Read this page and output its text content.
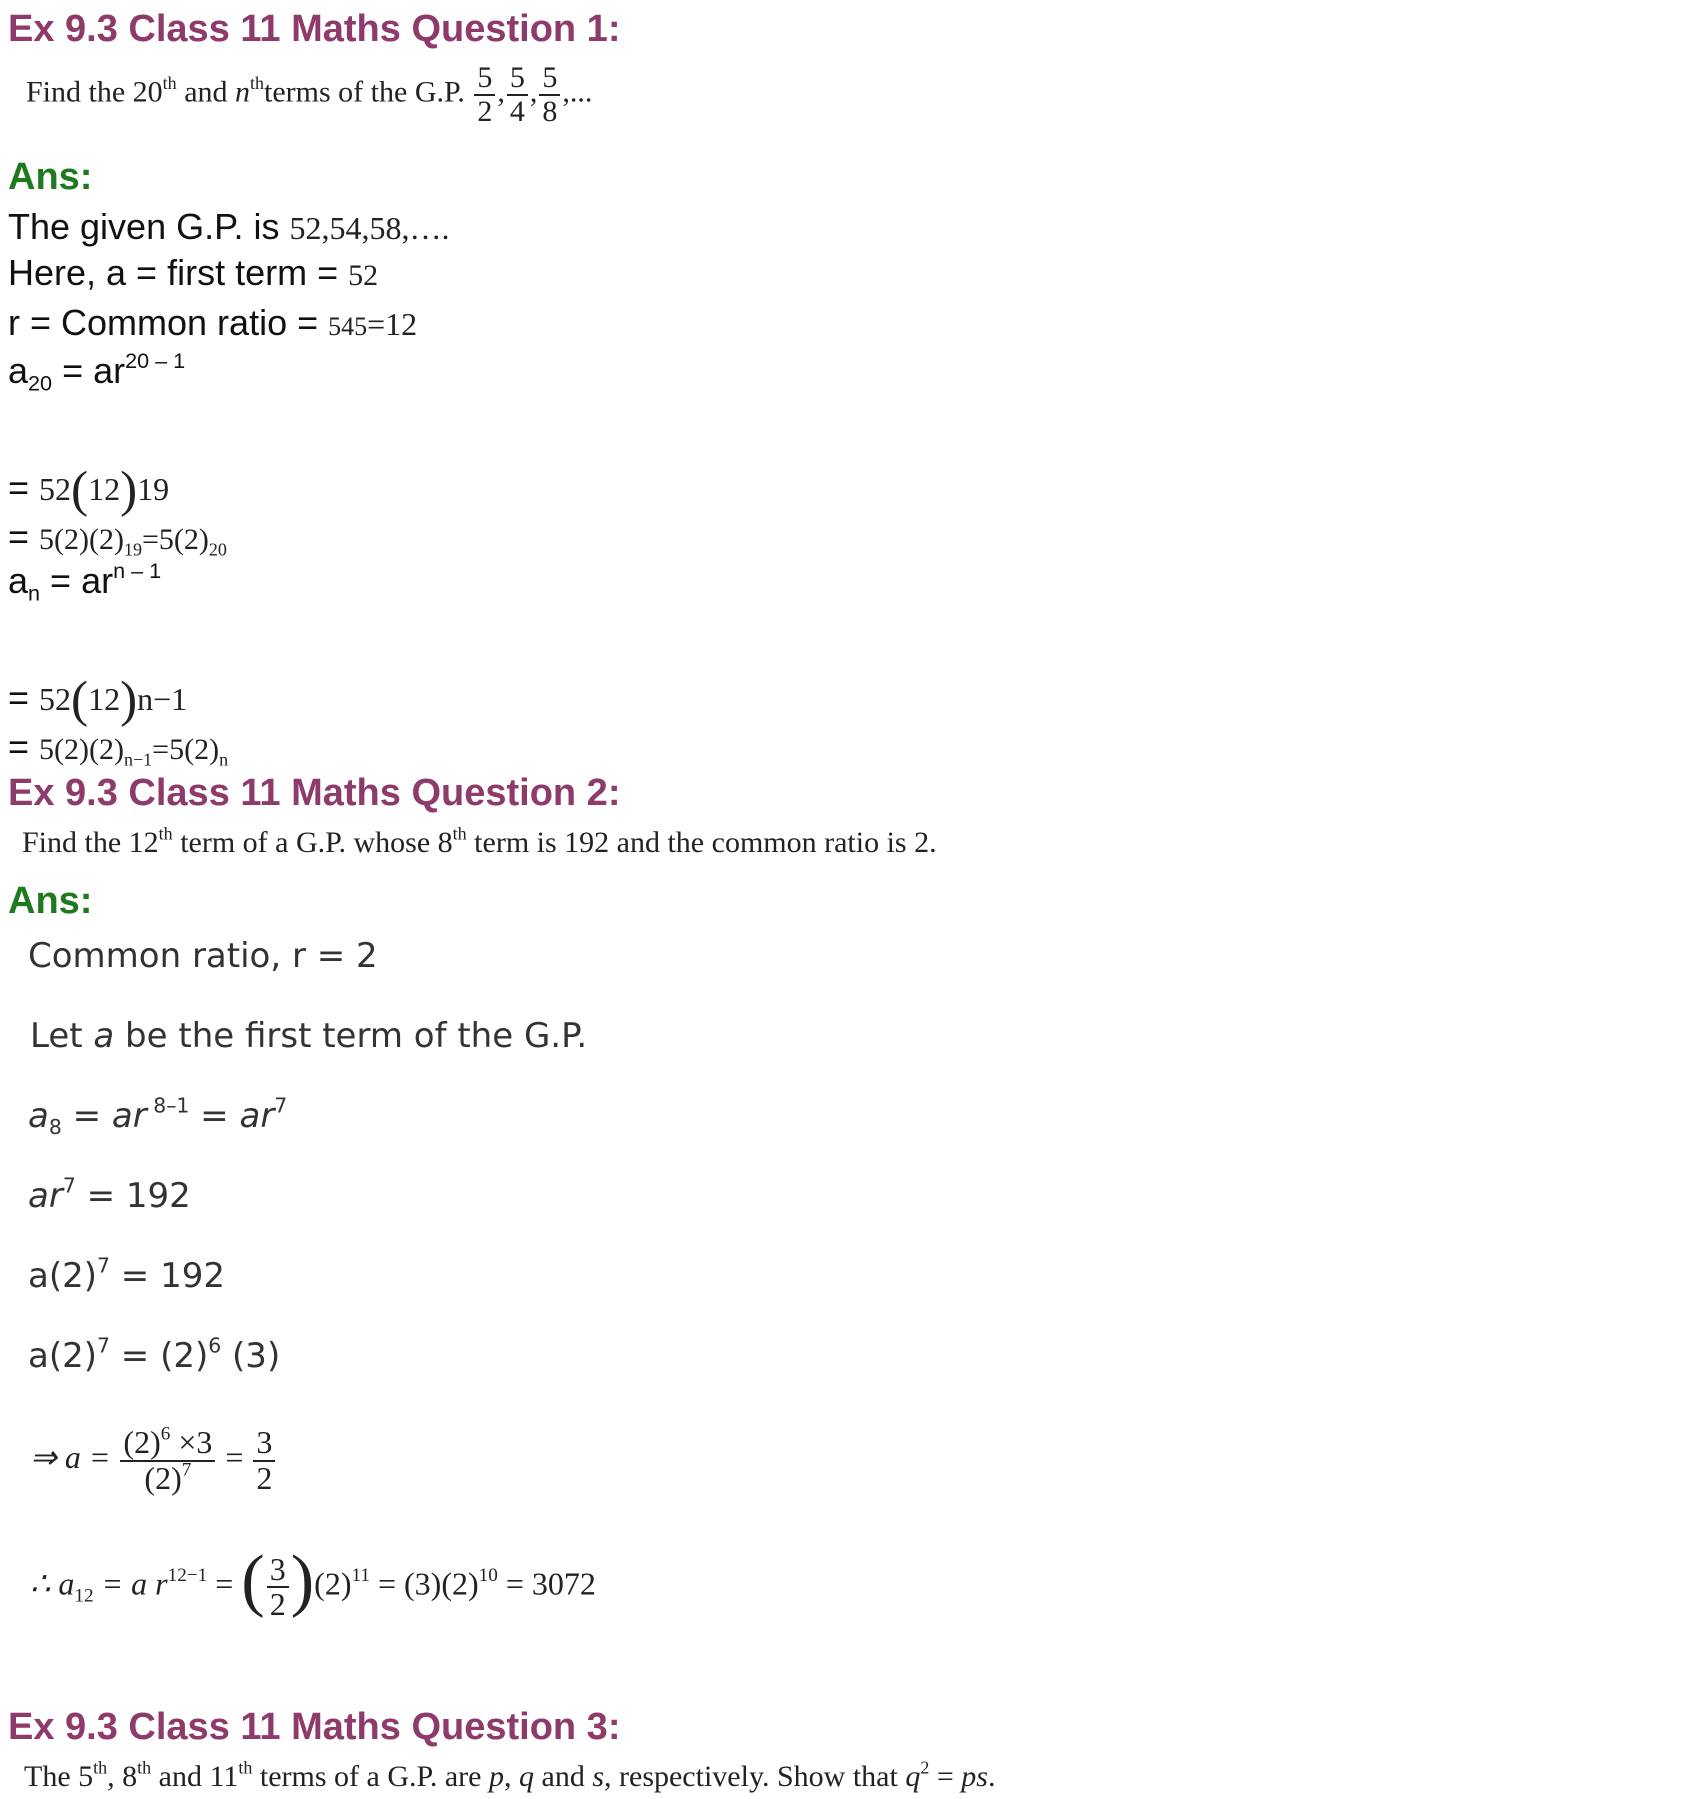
Ex 9.3 Class 11 Maths Question 1:
Find the 20th and $n^{th}terms$ of the G.P. $\frac{5}{2}$ , $\frac{5}{4}$ , $\frac{5}{8}$ ,...
Ans:
The given G.P. is 52,54,58,….
Here, a = first term = 52
r = Common ratio = 545=12
$a_{20} = ar^{20 - 1}$
= 52(12)19
= $5(2)(2)_{19}=5(2)_{20}$
$a_n = ar^{n - 1}$
= 52(12)n−1
= $5(2)(2)_{n-1}=5(2)_n$
Ex 9.3 Class 11 Maths Question 2:
Find the 12th term of a G.P. whose 8th term is 192 and the common ratio is 2.
Ans:
Common ratio, r = 2
Let a be the first term of the G.P.
$a_8$ = ar $^{8-1} = ar^7$
$ar^7 = 192$
$a(2)^7 = 192$
$a(2)^7 = (2)^6$ (3)
⇒ $a = \frac{(2)^6 \times 3}{(2)^7} = \frac{3}{2}$
∴ $a_{12} = a$ $r^{12-1}$ = ( $\frac{3}{2} )(2)^{11} = (3)(2)^{10} = 3072$
Ex 9.3 Class 11 Maths Question 3:
The 5th, 8th and 11th terms of a G.P. are p, q and s, respectively. Show that $q^2$ = ps.
